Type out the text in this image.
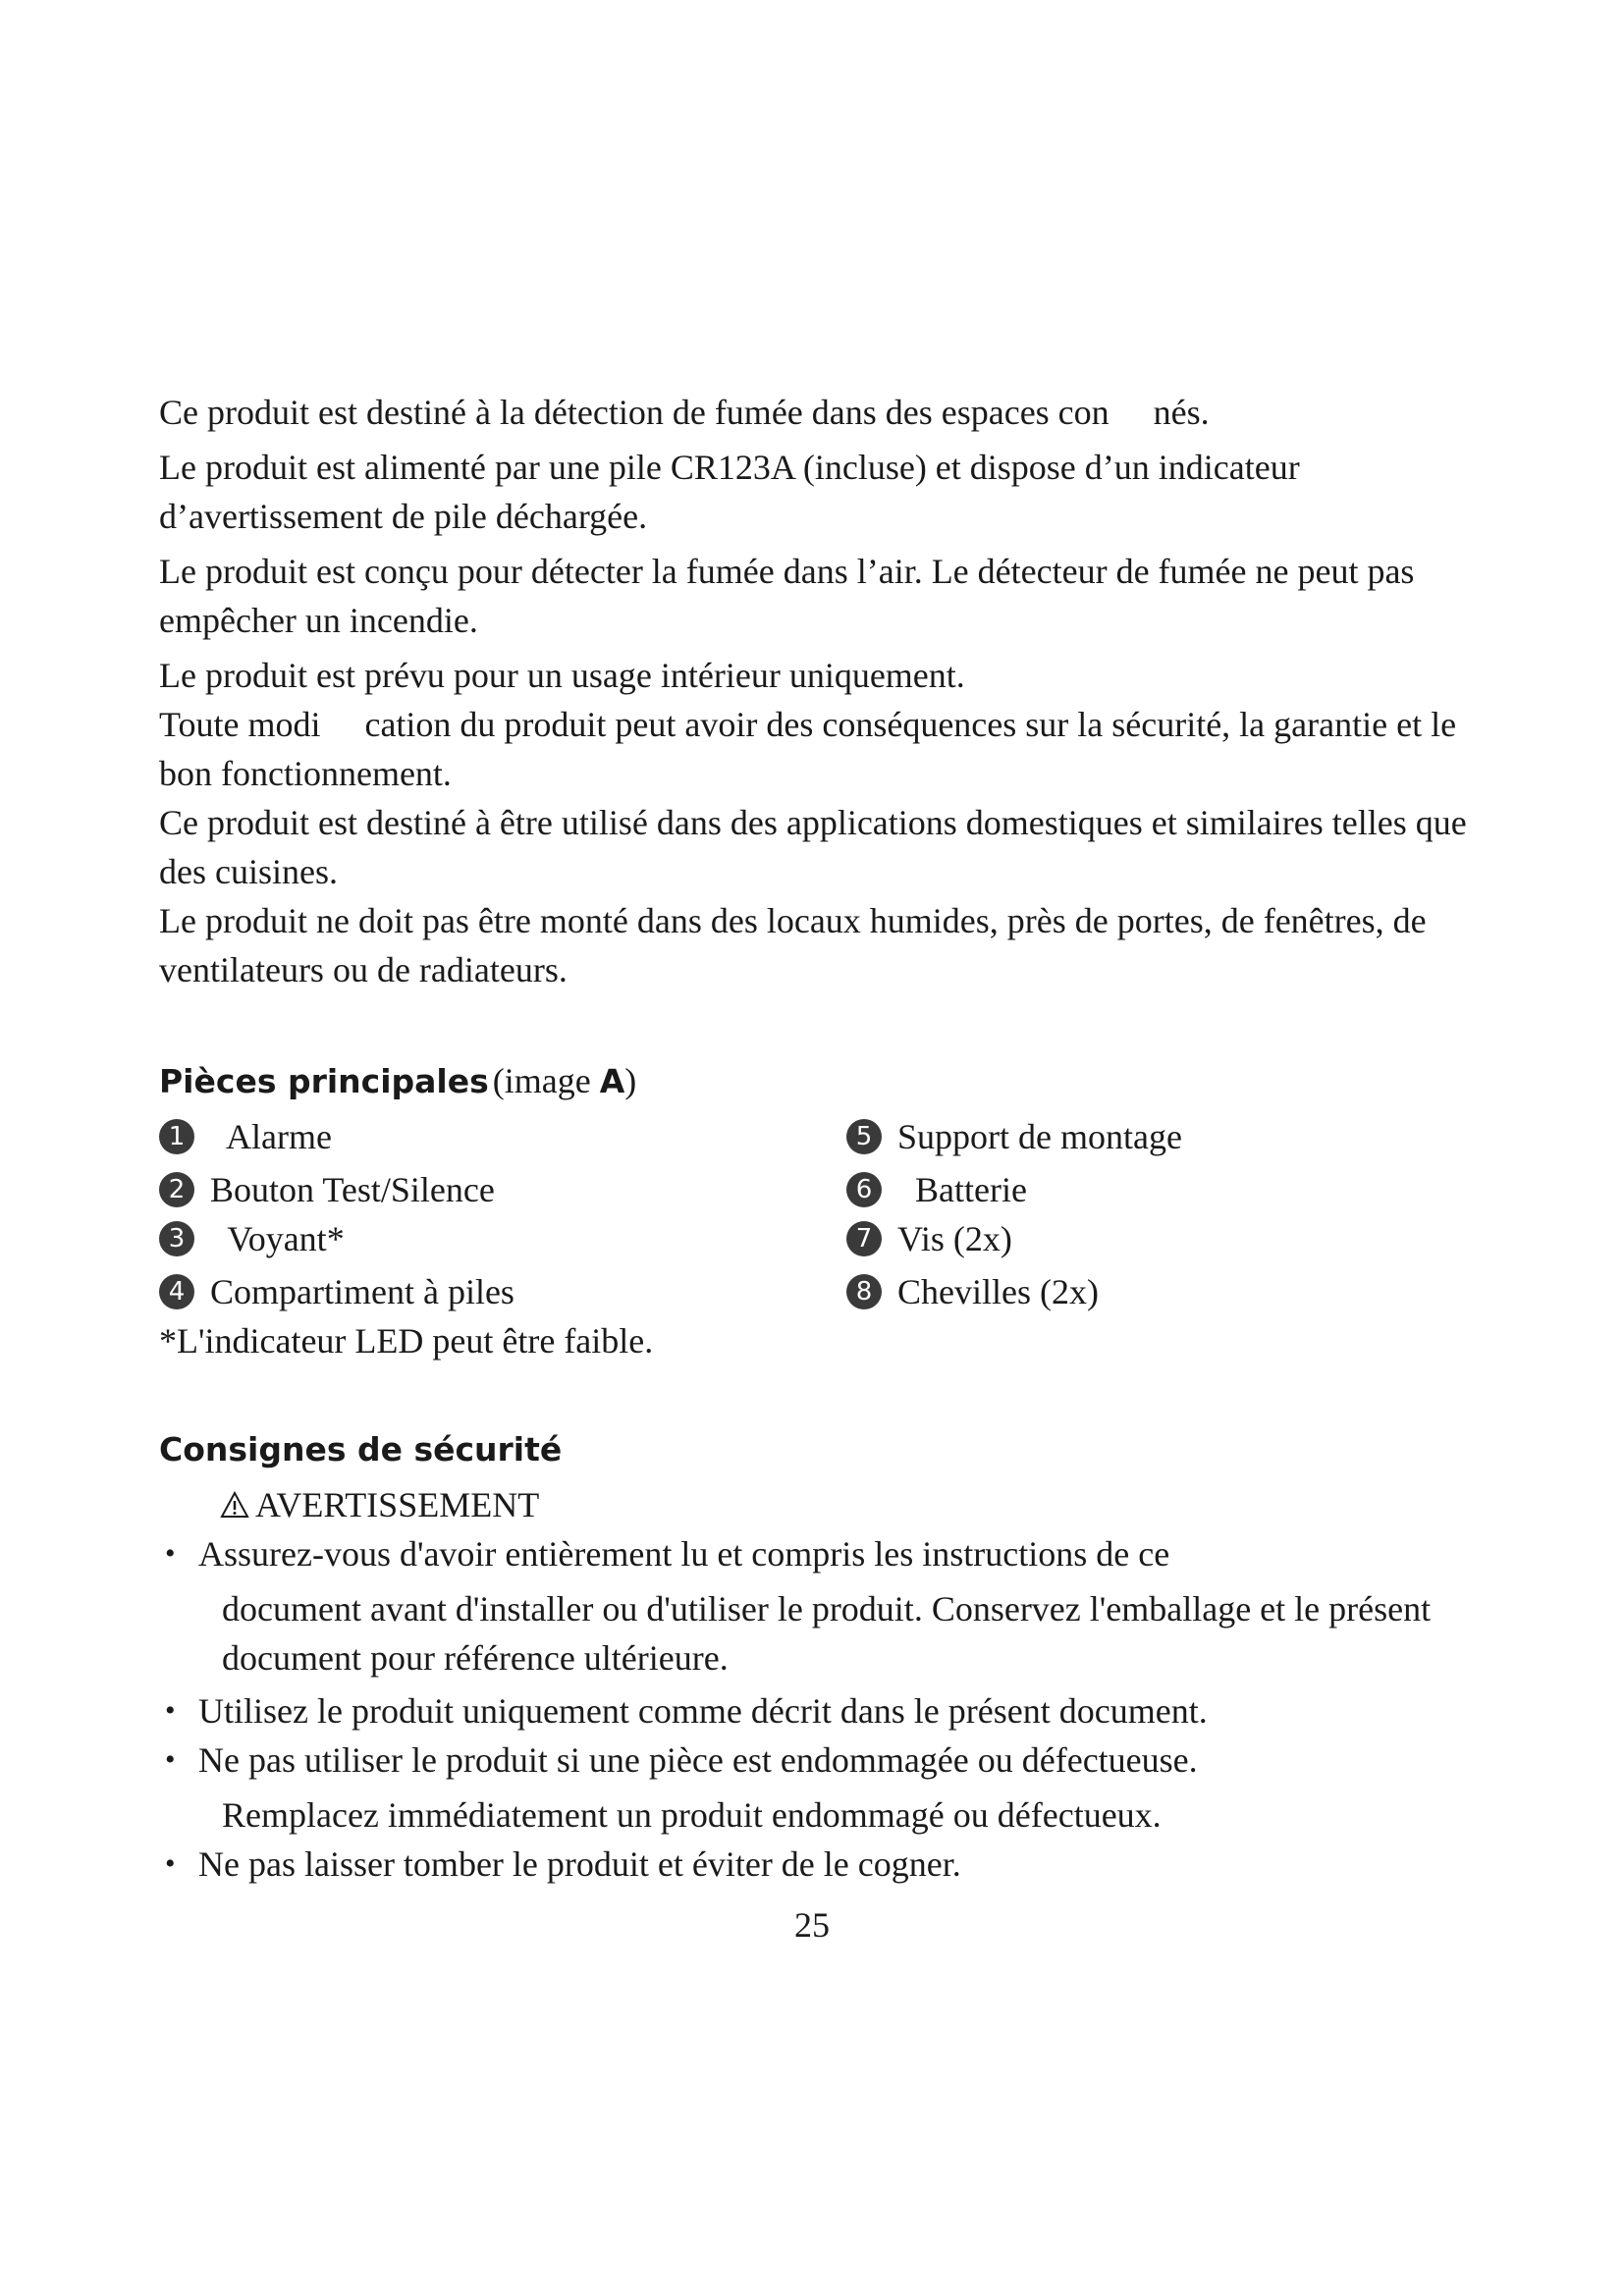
Ce produit est destiné à la détection de fumée dans des espaces con  nés.

Le produit est alimenté par une pile CR123A (incluse) et dispose d’un indicateur d’avertissement de pile déchargée.

Le produit est conçu pour détecter la fumée dans l’air. Le détecteur de fumée ne peut pas empêcher un incendie.

Le produit est prévu pour un usage intérieur uniquement.

Toute modi  cation du produit peut avoir des conséquences sur la sécurité, la garantie et le bon fonctionnement.

Ce produit est destiné à être utilisé dans des applications domestiques et similaires telles que des cuisines.

Le produit ne doit pas être monté dans des locaux humides, près de portes, de fenêtres, de ventilateurs ou de radiateurs.

Pièces principales (image A)
1 Alarme	5 Support de montage
2 Bouton Test/Silence	6 Batterie
3 Voyant*	7 Vis (2x)
4 Compartiment à piles	8 Chevilles (2x)
*L'indicateur LED peut être faible.
Consignes de sécurité
AVERTISSEMENT
• Assurez-vous d'avoir entièrement lu et compris les instructions de ce
document avant d'installer ou d'utiliser le produit. Conservez l'emballage et le présent document pour référence ultérieure.
• Utilisez le produit uniquement comme décrit dans le présent document.
• Ne pas utiliser le produit si une pièce est endommagée ou défectueuse.
Remplacez immédiatement un produit endommagé ou défectueux.
• Ne pas laisser tomber le produit et éviter de le cogner.
25
